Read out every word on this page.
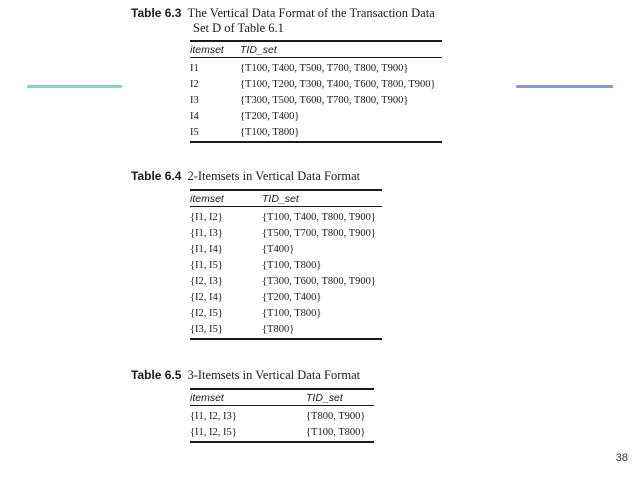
Table 6.3 The Vertical Data Format of the Transaction Data
Set D of Table 6.1
itemset	TID_set
I1	{T100, T400, T500, T700, T800, T900}
I2	{T100, T200, T300, T400, T600, T800, T900}
I3	{T300, T500, T600, T700, T800, T900}
I4	{T200, T400}
I5	{T100, T800}
Table 6.4 2-Itemsets in Vertical Data Format
itemset	TID_set
{I1, I2}	{T100, T400, T800, T900}
{I1, I3}	{T500, T700, T800, T900}
{I1, I4}	{T400}
{I1, I5}	{T100, T800}
{I2, I3}	{T300, T600, T800, T900}
{I2, I4}	{T200, T400}
{I2, I5}	{T100, T800}
{I3, I5}	{T800}
Table 6.5 3-Itemsets in Vertical Data Format
itemset	TID_set
{I1, I2, I3}	{T800, T900}
{I1, I2, I5}	{T100, T800}
38
